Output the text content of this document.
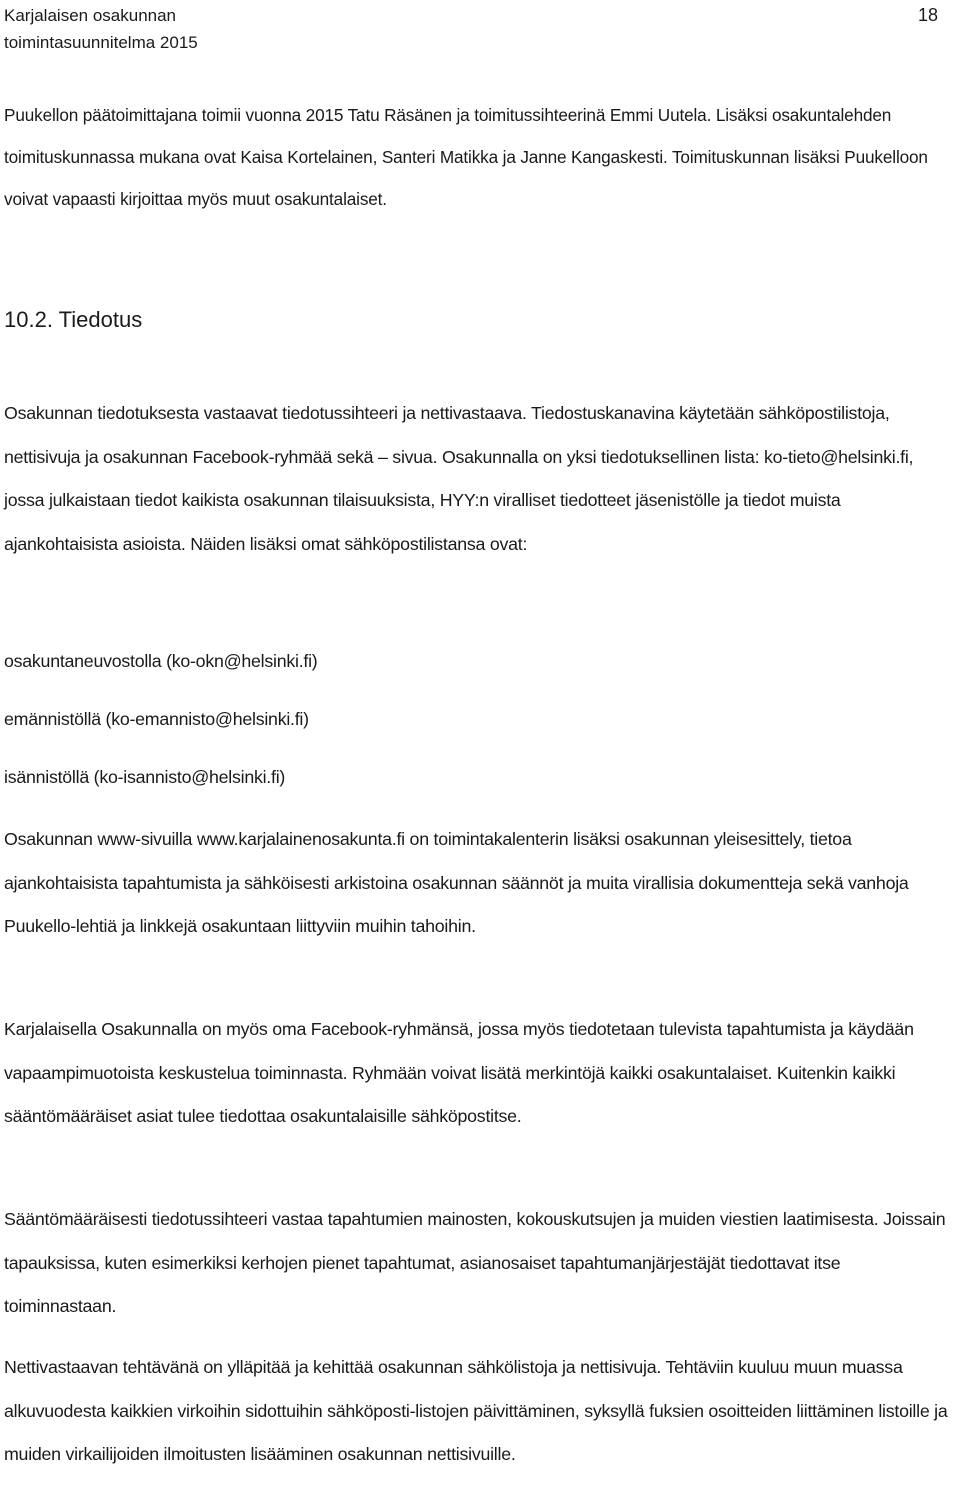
Karjalaisen osakunnan
toimintasuunnitelma 2015
18

Puukellon päätoimittajana toimii vuonna 2015 Tatu Räsänen ja toimitussihteerinä Emmi Uutela. Lisäksi osakuntalehden toimituskunnassa mukana ovat Kaisa Kortelainen, Santeri Matikka ja Janne Kangaskesti. Toimituskunnan lisäksi Puukelloon voivat vapaasti kirjoittaa myös muut osakuntalaiset.

10.2. Tiedotus

Osakunnan tiedotuksesta vastaavat tiedotussihteeri ja nettivastaava. Tiedostuskanavina käytetään sähköpostilistoja, nettisivuja ja osakunnan Facebook-ryhmää sekä – sivua. Osakunnalla on yksi tiedotuksellinen lista: ko-tieto@helsinki.fi, jossa julkaistaan tiedot kaikista osakunnan tilaisuuksista, HYY:n viralliset tiedotteet jäsenistölle ja tiedot muista ajankohtaisista asioista. Näiden lisäksi omat sähköpostilistansa ovat:

osakuntaneuvostolla (ko-okn@helsinki.fi)

emännistöllä (ko-emannisto@helsinki.fi)

isännistöllä (ko-isannisto@helsinki.fi)

Osakunnan www-sivuilla www.karjalainenosakunta.fi on toimintakalenterin lisäksi osakunnan yleisesittely, tietoa ajankohtaisista tapahtumista ja sähköisesti arkistoina osakunnan säännöt ja muita virallisia dokumentteja sekä vanhoja Puukello-lehtiä ja linkkejä osakuntaan liittyviin muihin tahoihin.

Karjalaisella Osakunnalla on myös oma Facebook-ryhmänsä, jossa myös tiedotetaan tulevista tapahtumista ja käydään vapaampimuotoista keskustelua toiminnasta. Ryhmään voivat lisätä merkintöjä kaikki osakuntalaiset. Kuitenkin kaikki sääntömääräiset asiat tulee tiedottaa osakuntalaisille sähköpostitse.

Sääntömääräisesti tiedotussihteeri vastaa tapahtumien mainosten, kokouskutsujen ja muiden viestien laatimisesta. Joissain tapauksissa, kuten esimerkiksi kerhojen pienet tapahtumat, asianosaiset tapahtumanjärjestäjät tiedottavat itse toiminnastaan.

Nettivastaavan tehtävänä on ylläpitää ja kehittää osakunnan sähkölistoja ja nettisivuja. Tehtäviin kuuluu muun muassa alkuvuodesta kaikkien virkoihin sidottuihin sähköposti-listojen päivittäminen, syksyllä fuksien osoitteiden liittäminen listoille ja muiden virkailijoiden ilmoitusten lisääminen osakunnan nettisivuille.
